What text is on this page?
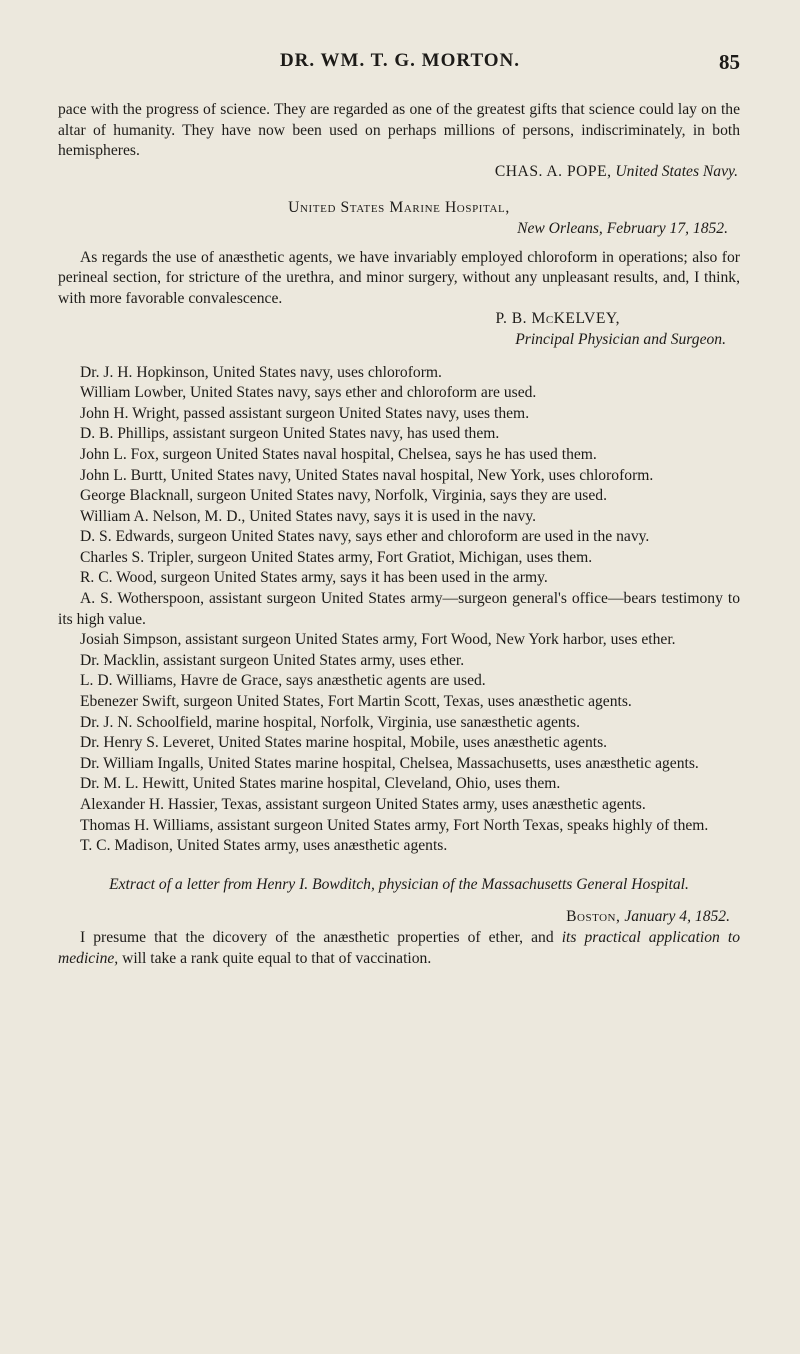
DR. WM. T. G. MORTON.	85

pace with the progress of science. They are regarded as one of the greatest gifts that science could lay on the altar of humanity. They have now been used on perhaps millions of persons, indiscriminately, in both hemispheres.

CHAS. A. POPE, United States Navy.

United States Marine Hospital,

New Orleans, February 17, 1852.

As regards the use of anæsthetic agents, we have invariably employed chloroform in operations; also for perineal section, for stricture of the urethra, and minor surgery, without any unpleasant results, and, I think, with more favorable convalescence.

P. B. McKELVEY,

Principal Physician and Surgeon.

Dr. J. H. Hopkinson, United States navy, uses chloroform.

William Lowber, United States navy, says ether and chloroform are used.

John H. Wright, passed assistant surgeon United States navy, uses them.

D. B. Phillips, assistant surgeon United States navy, has used them.

John L. Fox, surgeon United States naval hospital, Chelsea, says he has used them.

John L. Burtt, United States navy, United States naval hospital, New York, uses chloroform.

George Blacknall, surgeon United States navy, Norfolk, Virginia, says they are used.

William A. Nelson, M. D., United States navy, says it is used in the navy.

D. S. Edwards, surgeon United States navy, says ether and chloroform are used in the navy.

Charles S. Tripler, surgeon United States army, Fort Gratiot, Michigan, uses them.

R. C. Wood, surgeon United States army, says it has been used in the army.

A. S. Wotherspoon, assistant surgeon United States army—surgeon general's office—bears testimony to its high value.

Josiah Simpson, assistant surgeon United States army, Fort Wood, New York harbor, uses ether.

Dr. Macklin, assistant surgeon United States army, uses ether.

L. D. Williams, Havre de Grace, says anæsthetic agents are used.

Ebenezer Swift, surgeon United States, Fort Martin Scott, Texas, uses anæsthetic agents.

Dr. J. N. Schoolfield, marine hospital, Norfolk, Virginia, use sanæsthetic agents.

Dr. Henry S. Leveret, United States marine hospital, Mobile, uses anæsthetic agents.

Dr. William Ingalls, United States marine hospital, Chelsea, Massachusetts, uses anæsthetic agents.

Dr. M. L. Hewitt, United States marine hospital, Cleveland, Ohio, uses them.

Alexander H. Hassier, Texas, assistant surgeon United States army, uses anæsthetic agents.

Thomas H. Williams, assistant surgeon United States army, Fort North Texas, speaks highly of them.

T. C. Madison, United States army, uses anæsthetic agents.

Extract of a letter from Henry I. Bowditch, physician of the Massachusetts General Hospital.

Boston, January 4, 1852.

I presume that the dicovery of the anæsthetic properties of ether, and its practical application to medicine, will take a rank quite equal to that of vaccination.
